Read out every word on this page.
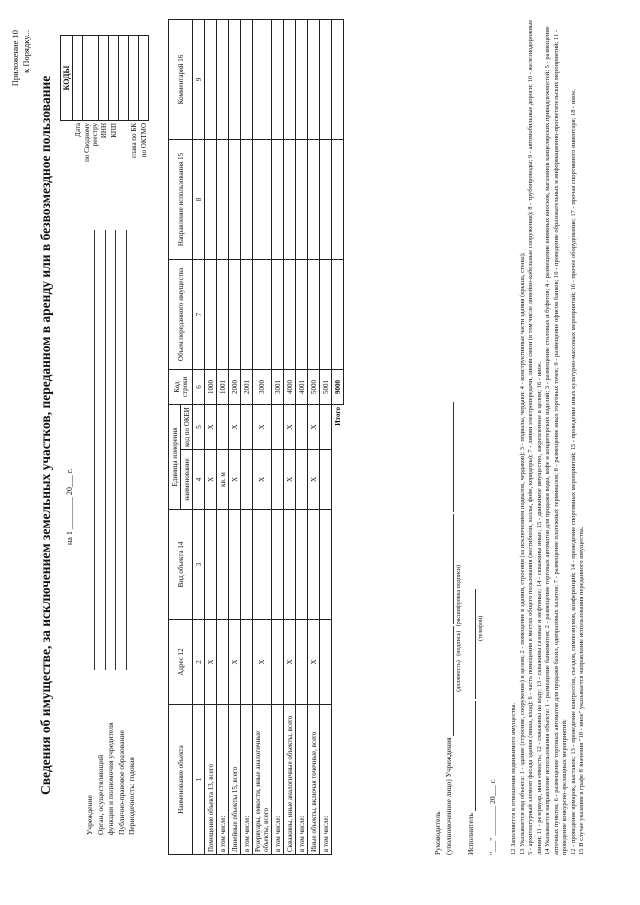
Приложение 10 к Порядку...
Сведения об имуществе, за исключением земельных участков, переданном в аренду или в безвозмездное пользование на 1 ________ 20___ г.
Учреждение Орган, осуществляющий функции и полномочия учредителя Публично-правовое образование Периодичность: годовая
	КОДЫ
Дата	
по Сводному реестру	
ИНН	
КПП	

глава по БК	
по ОКТМО	
Наименование объекта	Адрес 12	Вид объекта 14	Единица измерения		Код строки	Объем переданного имущества	Направление использования 15	Комментарий 16
			наименование	код по ОКЕИ				
1	2	3	4	5	6	7	8	9
Помещение объекта 13, всего	X		X	X	1000			
в том числе:			кв. м		1001			
Линейные объекты 15, всего	X		X	X	2000			
в том числе:					2001			
Резервуары, емкости, иные аналогичные объекты, всего	X		X	X	3000			
в том числе:					3001			
Скважины, иные аналогичные объекты, всего	X		X	X	4000			
в том числе:					4001			
Иные объекты, включая точечные, всего	X		X	X	5000			
в том числе:					5001			
Итого					9000			
Руководитель (уполномоченное лицо) Учреждения
(должность)   (подпись)   (расшифровка подписи)
Исполнитель
(телефон)
"___" ________ 20___ г. 12 Заполняется в отношении недвижимого имущества. 13 Указывается вид объекта: 1 - здание (строение, сооружение) в целом; 2 - помещение в здании, строении (за исключением подвалов, чердаков); 3 - подвалы, чердаки; 4 - конструктивные части здания (крыша, стены); 5 - архитектурный элемент фасада здания (ниша, вход); 6 - часть помещения в местах общего пользования (вестибюли, холлы, фойе, коридоры); 7 - линии электропередачи, линии связи (в том числе линейно-кабельные сооружения); 8 - трубопроводы; 9 - автомобильные дороги; 10 - железнодорожные линии; 11 - резервуар, иная емкость; 12 - скважины на воду; 13 - скважины газовые и нефтяные; 14 - скважины иные; 15 - движимое имущество, закрепленное в целом; 16 - иное. 14 Указывается направление использования объекта: 1 - размещение банкоматов; 2 - размещение торговых автоматов для продажи воды, кофе и кондитерских изделий; 3 - размещение столовых и буфетов; 4 - размещение книжных киосков, магазинов канцелярских принадлежностей; 5 - размещение аптечных пунктов; 6 - размещение торговых автоматов для продажи бахил, одноразовых халатов; 7 - размещение платежных терминалов; 8 - размещение иных торговых точек; 9 - размещение офисов банков; 10 - проведение образовательных и информационно-просветительских мероприятий; 11 - проведение конкурсно-зрелищных мероприятий; 12 - проведение ярмарок, выставок; 13 - проведение конгрессов, съездов, симпозиумов, конференций; 14 - проведение спортивных мероприятий; 15 - проведение иных культурно-массовых мероприятий; 16 - прочее оборудование; 17 - прочая спортивного инвентаря; 18 - иное. 15 В случае указания в графе 8 значения "18 - иное" указывается направление использования переданного имущества.
